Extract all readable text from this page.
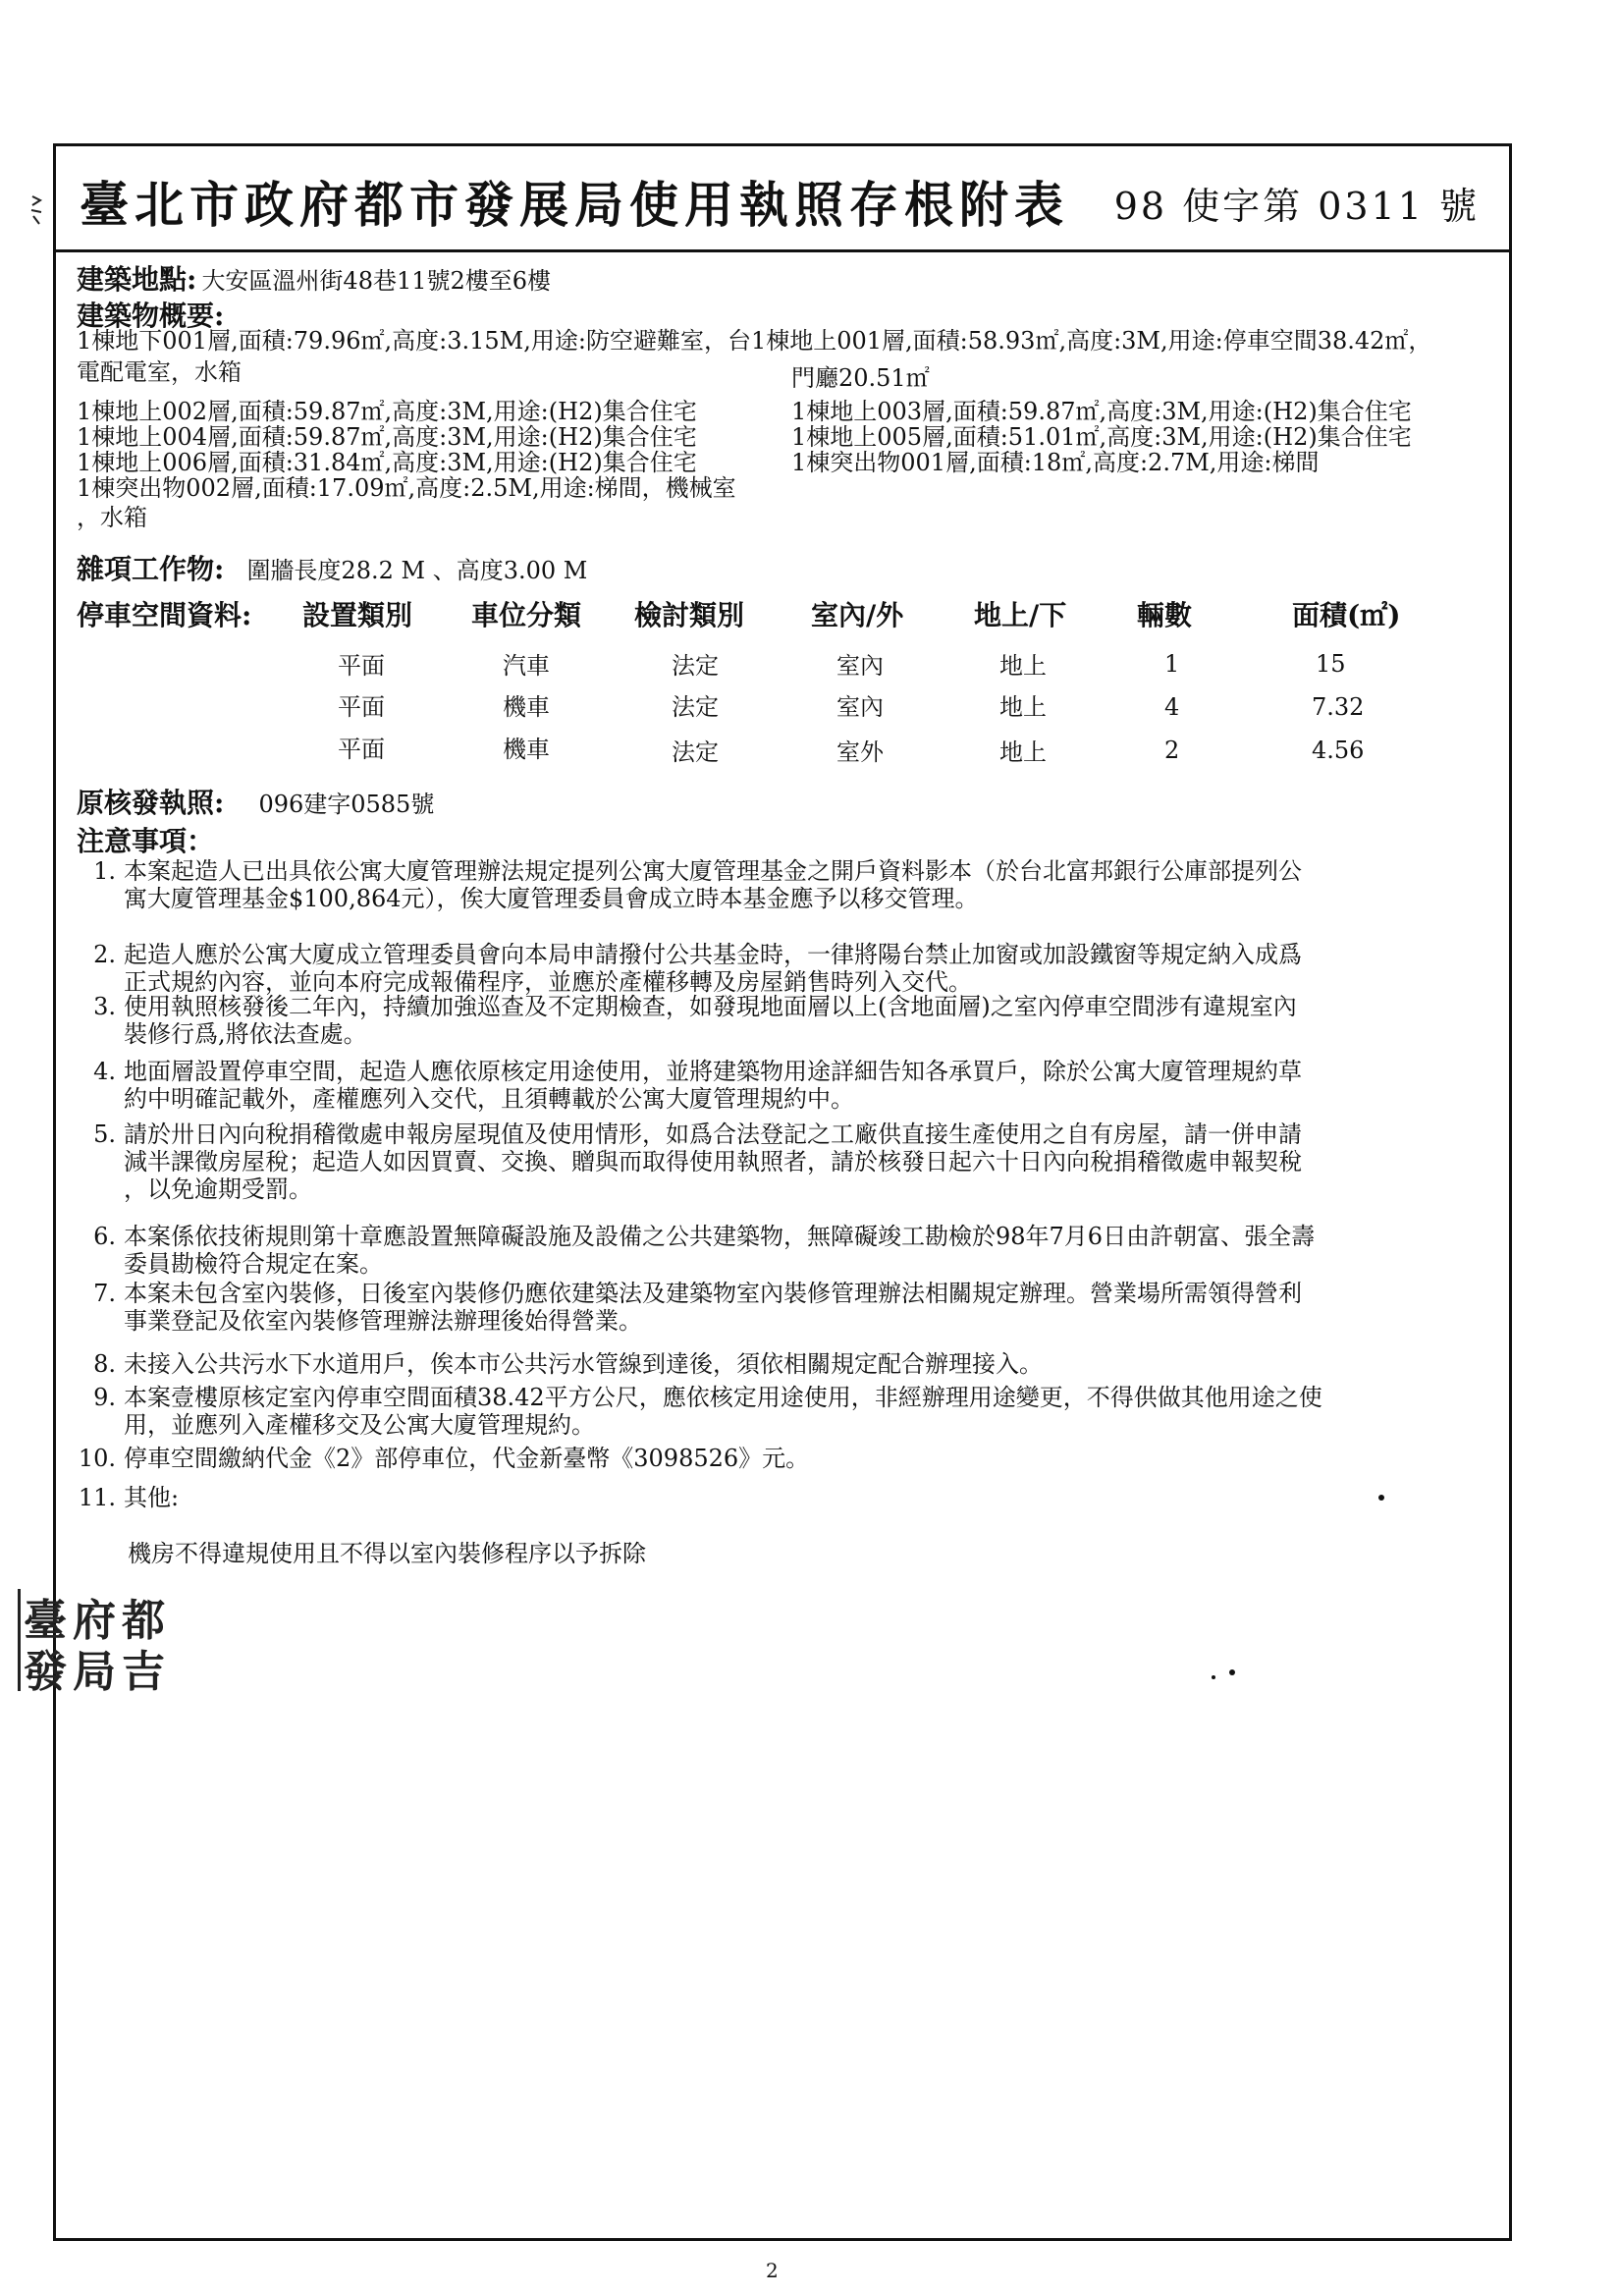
臺北市政府都市發展局使用執照存根附表 98 使字第 0311 號
建築地點: 大安區溫州街48巷11號2樓至6樓
建築物概要:
1棟地下001層,面積:79.96㎡,高度:3.15M,用途:防空避難室，台1棟地上001層,面積:58.93㎡,高度:3M,用途:停車空間38.42㎡，
電配電室，水箱	門廳20.51㎡
1棟地上002層,面積:59.87㎡,高度:3M,用途:(H2)集合住宅
1棟地上004層,面積:59.87㎡,高度:3M,用途:(H2)集合住宅
1棟地上006層,面積:31.84㎡,高度:3M,用途:(H2)集合住宅
1棟突出物002層,面積:17.09㎡,高度:2.5M,用途:梯間，機械室
，水箱
1棟地上003層,面積:59.87㎡,高度:3M,用途:(H2)集合住宅
1棟地上005層,面積:51.01㎡,高度:3M,用途:(H2)集合住宅
1棟突出物001層,面積:18㎡,高度:2.7M,用途:梯間
雜項工作物: 圍牆長度28.2 M 、高度3.00 M
停車空間資料: 設置類別 車位分類 檢討類別 室內/外	地上/下	輛數	面積(㎡)
平面	汽車	法定	室內	地上	1	15
平面	機車	法定	室內	地上	4	7.32
平面	機車	法定	室外	地上	2	4.56
原核發執照: 096建字0585號
注意事項：
1. 本案起造人已出具依公寓大廈管理辦法規定提列公寓大廈管理基金之開戶資料影本（於台北富邦銀行公庫部提列公
寓大廈管理基金$100,864元），俟大廈管理委員會成立時本基金應予以移交管理。
2. 起造人應於公寓大廈成立管理委員會向本局申請撥付公共基金時，一律將陽台禁止加窗或加設鐵窗等規定納入成爲
正式規約內容，並向本府完成報備程序，並應於產權移轉及房屋銷售時列入交代。
3. 使用執照核發後二年內，持續加強巡查及不定期檢查，如發現地面層以上(含地面層)之室內停車空間涉有違規室內
裝修行爲,將依法查處。
4. 地面層設置停車空間，起造人應依原核定用途使用，並將建築物用途詳細告知各承買戶，除於公寓大廈管理規約草
約中明確記載外，產權應列入交代，且須轉載於公寓大廈管理規約中。
5. 請於卅日內向稅捐稽徵處申報房屋現值及使用情形，如爲合法登記之工廠供直接生產使用之自有房屋，請一併申請
減半課徵房屋稅；起造人如因買賣、交換、贈與而取得使用執照者，請於核發日起六十日內向稅捐稽徵處申報契稅
，以免逾期受罰。
6. 本案係依技術規則第十章應設置無障礙設施及設備之公共建築物，無障礙竣工勘檢於98年7月6日由許朝富、張全壽
委員勘檢符合規定在案。
7. 本案未包含室內裝修，日後室內裝修仍應依建築法及建築物室內裝修管理辦法相關規定辦理。營業場所需領得營利
事業登記及依室內裝修管理辦法辦理後始得營業。
8. 未接入公共污水下水道用戶，俟本市公共污水管線到達後，須依相關規定配合辦理接入。
9. 本案壹樓原核定室內停車空間面積38.42平方公尺，應依核定用途使用，非經辦理用途變更，不得供做其他用途之使
用，並應列入產權移交及公寓大廈管理規約。
10. 停車空間繳納代金《2》部停車位，代金新臺幣《3098526》元。
11. 其他:
機房不得違規使用且不得以室內裝修程序以予拆除
臺 府 都
發 局 吉
2
